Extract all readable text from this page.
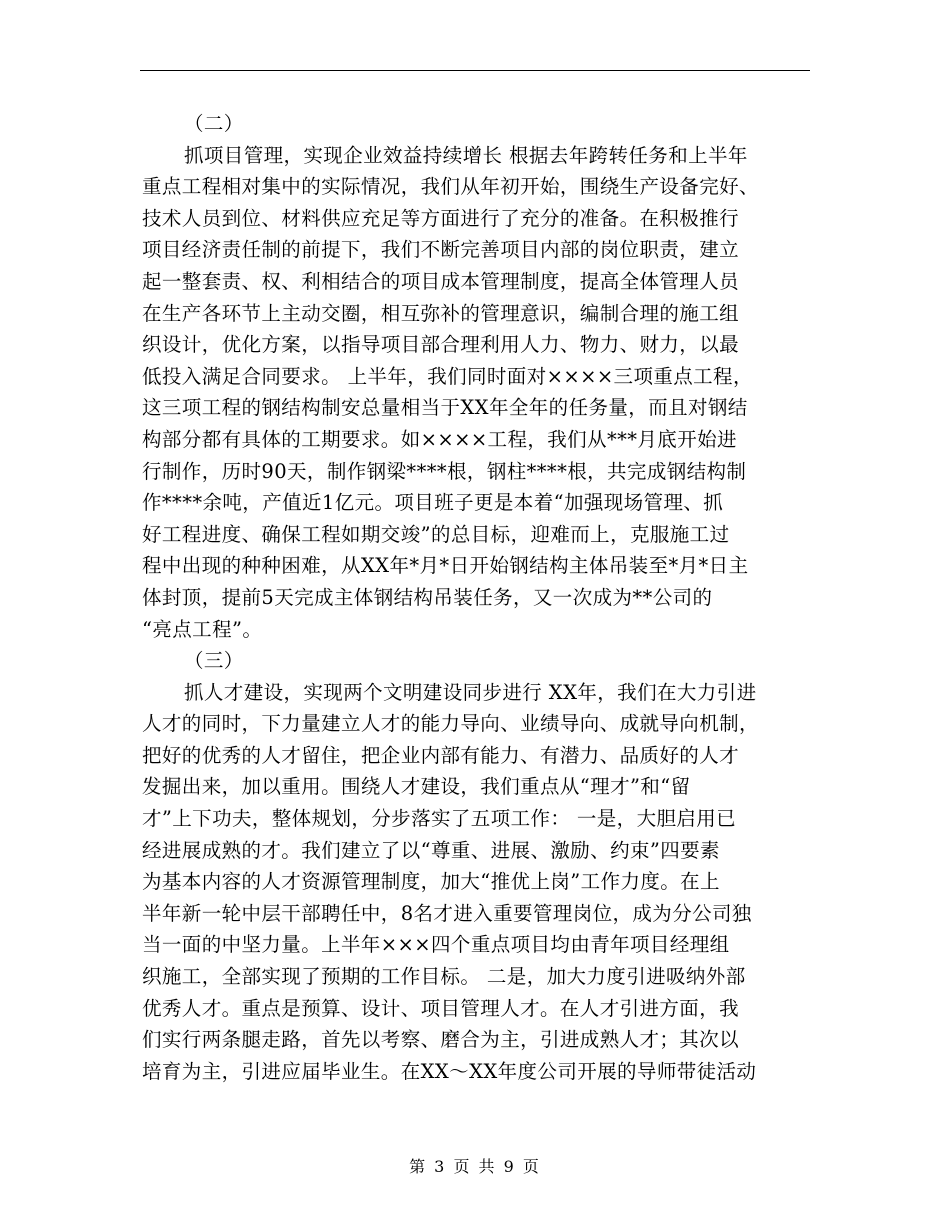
（二）
抓项目管理，实现企业效益持续增长 根据去年跨转任务和上半年
重点工程相对集中的实际情况，我们从年初开始，围绕生产设备完好、
技术人员到位、材料供应充足等方面进行了充分的准备。在积极推行
项目经济责任制的前提下，我们不断完善项目内部的岗位职责，建立
起一整套责、权、利相结合的项目成本管理制度，提高全体管理人员
在生产各环节上主动交圈，相互弥补的管理意识，编制合理的施工组
织设计，优化方案，以指导项目部合理利用人力、物力、财力，以最
低投入满足合同要求。 上半年，我们同时面对××××三项重点工程，
这三项工程的钢结构制安总量相当于XX年全年的任务量，而且对钢结
构部分都有具体的工期要求。如××××工程，我们从***月底开始进
行制作，历时90天，制作钢梁****根，钢柱****根，共完成钢结构制
作****余吨，产值近1亿元。项目班子更是本着“加强现场管理、抓
好工程进度、确保工程如期交竣”的总目标，迎难而上，克服施工过
程中出现的种种困难，从XX年*月*日开始钢结构主体吊装至*月*日主
体封顶，提前5天完成主体钢结构吊装任务，又一次成为**公司的
“亮点工程”。
（三）
抓人才建设，实现两个文明建设同步进行 XX年，我们在大力引进
人才的同时，下力量建立人才的能力导向、业绩导向、成就导向机制，
把好的优秀的人才留住，把企业内部有能力、有潜力、品质好的人才
发掘出来，加以重用。围绕人才建设，我们重点从“理才”和“留
才”上下功夫，整体规划，分步落实了五项工作： 一是，大胆启用已
经进展成熟的才。我们建立了以“尊重、进展、激励、约束”四要素
为基本内容的人才资源管理制度，加大“推优上岗”工作力度。在上
半年新一轮中层干部聘任中，8名才进入重要管理岗位，成为分公司独
当一面的中坚力量。上半年×××四个重点项目均由青年项目经理组
织施工，全部实现了预期的工作目标。 二是，加大力度引进吸纳外部
优秀人才。重点是预算、设计、项目管理人才。在人才引进方面，我
们实行两条腿走路，首先以考察、磨合为主，引进成熟人才；其次以
培育为主，引进应届毕业生。在XX～XX年度公司开展的导师带徒活动
第 3 页 共 9 页
